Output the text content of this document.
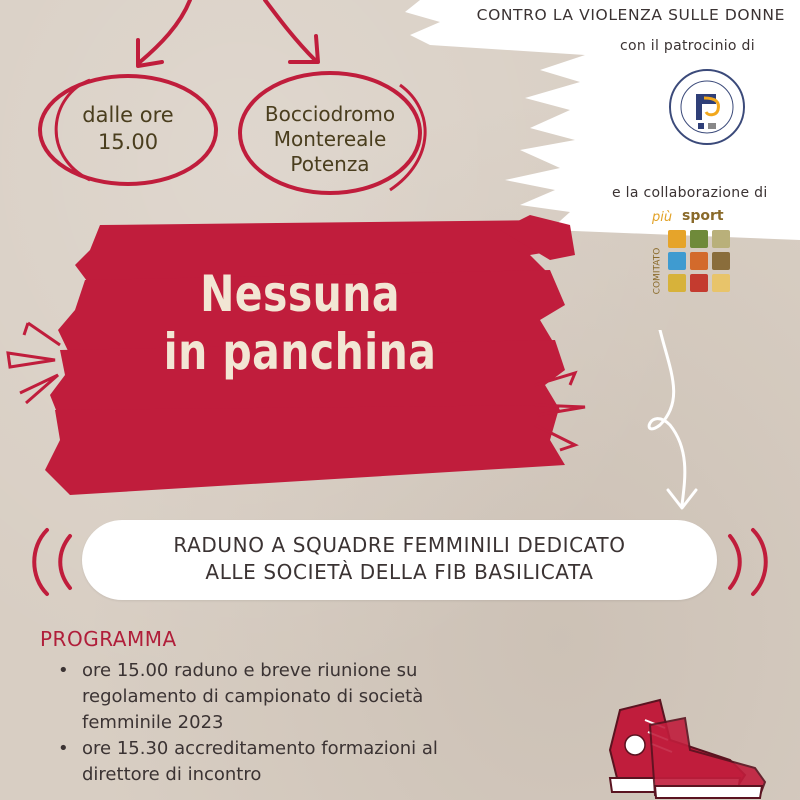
dalle ore
15.00
Bocciodromo
Montereale
Potenza
CONTRO LA VIOLENZA SULLE DONNE
con il patrocinio di
e la collaborazione di
più sport
COMITATO
Nessuna
in panchina
RADUNO A SQUADRE FEMMINILI DEDICATO
ALLE SOCIETÀ DELLA FIB BASILICATA
PROGRAMMA
• ore 15.00 raduno e breve riunione su
regolamento di campionato di società
femminile 2023
• ore 15.30 accreditamento formazioni al
direttore di incontro
